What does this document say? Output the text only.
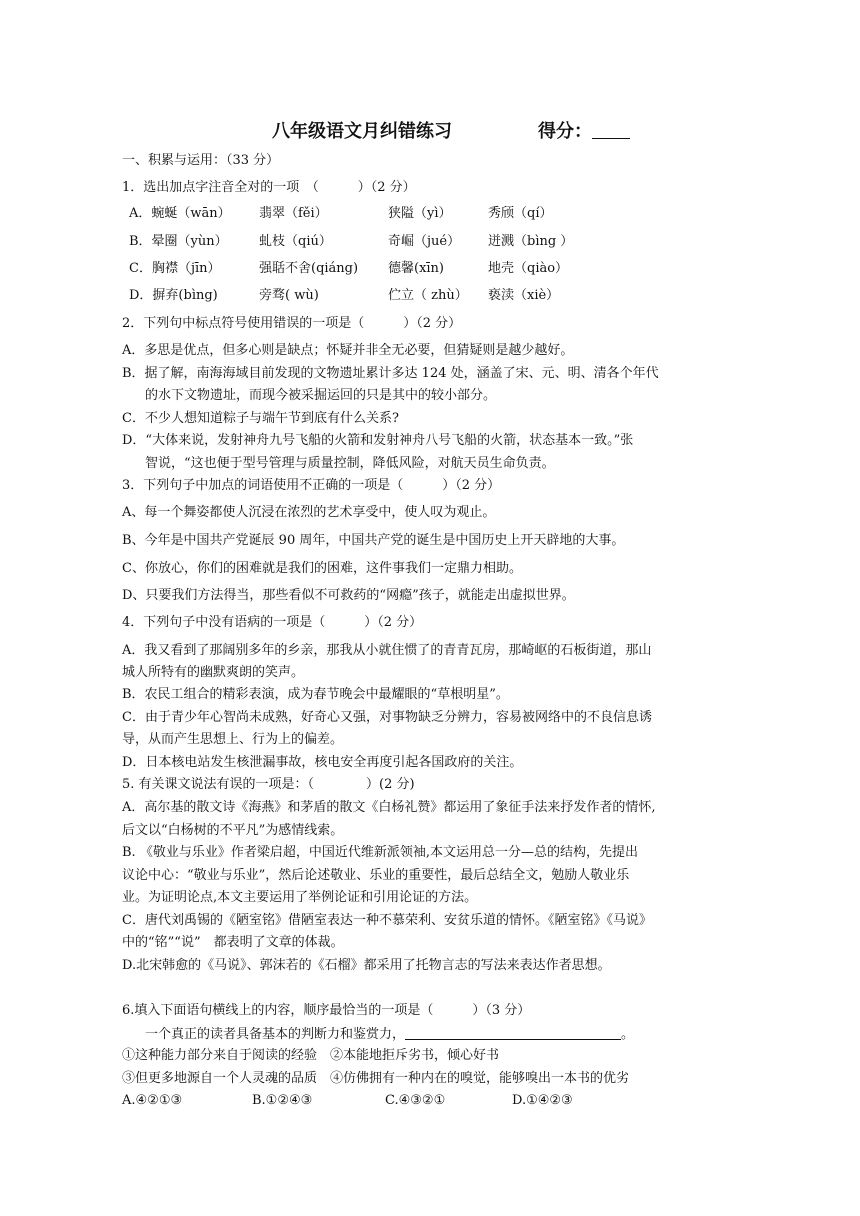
八年级语文月纠错练习	得分：
一、积累与运用：（33 分）
1．选出加点字注音全对的一项　（　　　）（2 分）
A．蜿蜒（wān） 翡翠（fěi）	狭隘（yì）	秀颀（qí）
B．晕圈（yùn） 虬枝（qiú）	奇崛（jué） 迸溅（bìng ）
C．胸襟（jīn）	强聒不舍(qiáng) 德馨(xīn)	地壳（qiào）
D．摒弃(bìng)	旁骛( wù)	伫立（ zhù） 亵渎（xiè）
2．下列句中标点符号使用错误的一项是（　　　）（2 分）
A．多思是优点，但多心则是缺点；怀疑并非全无必要，但猜疑则是越少越好。
B．据了解，南海海域目前发现的文物遗址累计多达 124 处，涵盖了宋、元、明、清各个年代
的水下文物遗址，而现今被采掘运回的只是其中的较小部分。
C．不少人想知道粽子与端午节到底有什么关系?
D．“大体来说，发射神舟九号飞船的火箭和发射神舟八号飞船的火箭，状态基本一致。”张
智说，“这也便于型号管理与质量控制，降低风险，对航天员生命负责。
3．下列句子中加点的词语使用不正确的一项是（　　　）（2 分）
A、每一个舞姿都使人沉浸在浓烈的艺术享受中，使人叹为观止。
B、今年是中国共产党诞辰 90 周年，中国共产党的诞生是中国历史上开天辟地的大事。
C、你放心，你们的困难就是我们的困难，这件事我们一定鼎力相助。
D、只要我们方法得当，那些看似不可救药的“网瘾”孩子，就能走出虚拟世界。
4．下列句子中没有语病的一项是（　　　）（2 分）
A．我又看到了那阔别多年的乡亲，那我从小就住惯了的青青瓦房，那崎岖的石板街道，那山
城人所特有的幽默爽朗的笑声。
B．农民工组合的精彩表演，成为春节晚会中最耀眼的“草根明星”。
C．由于青少年心智尚未成熟，好奇心又强，对事物缺乏分辨力，容易被网络中的不良信息诱
导，从而产生思想上、行为上的偏差。
D．日本核电站发生核泄漏事故，核电安全再度引起各国政府的关注。
5. 有关课文说法有误的一项是：（　　　　）(2 分)
A．高尔基的散文诗《海燕》和茅盾的散文《白杨礼赞》都运用了象征手法来抒发作者的情怀,
后文以“白杨树的不平凡”为感情线索。
B. 《敬业与乐业》作者梁启超，中国近代维新派领袖,本文运用总一分—总的结构，先提出
议论中心：“敬业与乐业”，然后论述敬业、乐业的重要性，最后总结全文，勉励人敬业乐
业。为证明论点,本文主要运用了举例论证和引用论证的方法。
C．唐代刘禹锡的《陋室铭》借陋室表达一种不慕荣利、安贫乐道的情怀。《陋室铭》《马说》
中的“铭”“说”　都表明了文章的体裁。
D.北宋韩愈的《马说》、郭沫若的《石榴》都采用了托物言志的写法来表达作者思想。
6.填入下面语句横线上的内容，顺序最恰当的一项是（　　　）（3 分）
一个真正的读者具备基本的判断力和鉴赏力，	。
①这种能力部分来自于阅读的经验　②本能地拒斥劣书，倾心好书
③但更多地源自一个人灵魂的品质　④仿佛拥有一种内在的嗅觉，能够嗅出一本书的优劣
A.④②①③	B.①②④③	C.④③②①	D.①④②③
